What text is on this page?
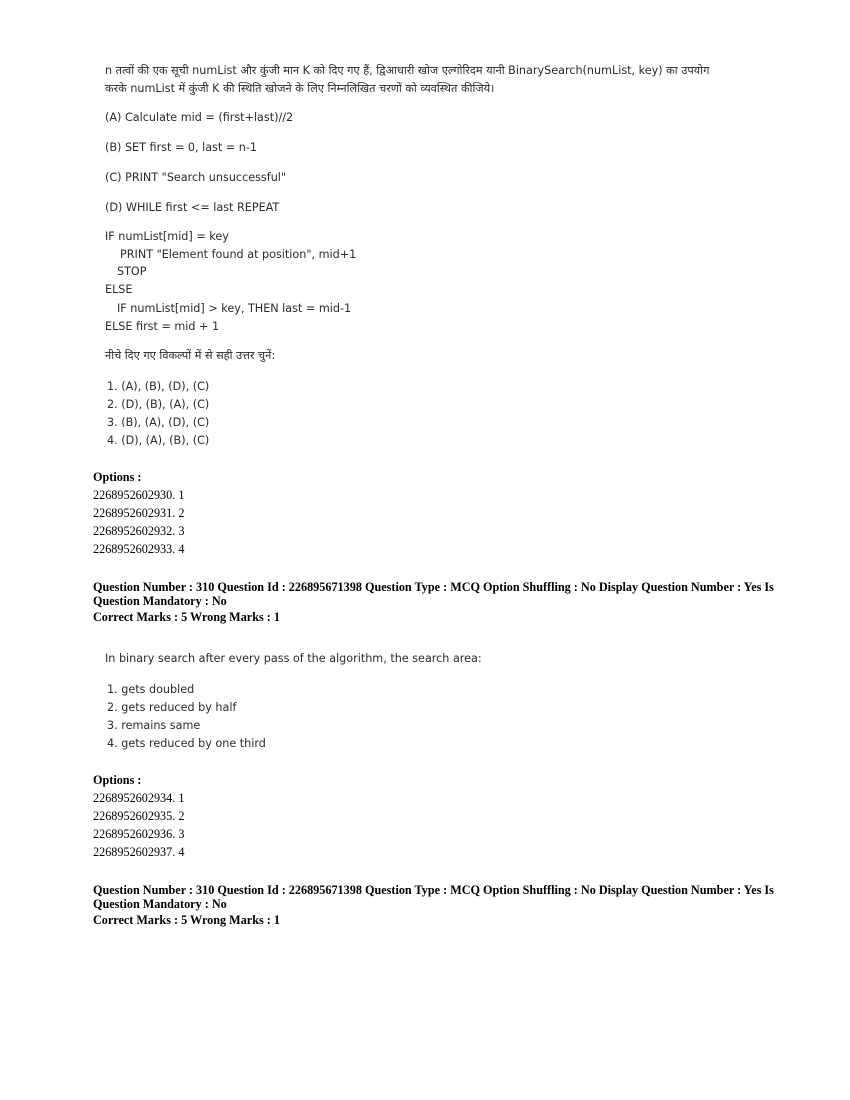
n तत्वों की एक सूची numList और कुंजी मान K को दिए गए हैं, द्विआधारी खोज एल्गोरिदम यानी BinarySearch(numList, key) का उपयोग
करके numList में कुंजी K की स्थिति खोजने के लिए निम्नलिखित चरणों को व्यवस्थित कीजिये।
(A) Calculate mid = (first+last)//2
(B) SET first = 0, last = n-1
(C) PRINT "Search unsuccessful"
(D) WHILE first <= last REPEAT
IF numList[mid] = key
PRINT "Element found at position", mid+1
STOP
ELSE
IF numList[mid] > key, THEN last = mid-1
ELSE first = mid + 1
नीचे दिए गए विकल्पों में से सही उत्तर चुनें:
1. (A), (B), (D), (C)
2. (D), (B), (A), (C)
3. (B), (A), (D), (C)
4. (D), (A), (B), (C)
Options :
2268952602930. 1
2268952602931. 2
2268952602932. 3
2268952602933. 4
Question Number : 310 Question Id : 226895671398 Question Type : MCQ Option Shuffling : No Display Question Number : Yes Is
Question Mandatory : No
Correct Marks : 5 Wrong Marks : 1
In binary search after every pass of the algorithm, the search area:
1. gets doubled
2. gets reduced by half
3. remains same
4. gets reduced by one third
Options :
2268952602934. 1
2268952602935. 2
2268952602936. 3
2268952602937. 4
Question Number : 310 Question Id : 226895671398 Question Type : MCQ Option Shuffling : No Display Question Number : Yes Is
Question Mandatory : No
Correct Marks : 5 Wrong Marks : 1
